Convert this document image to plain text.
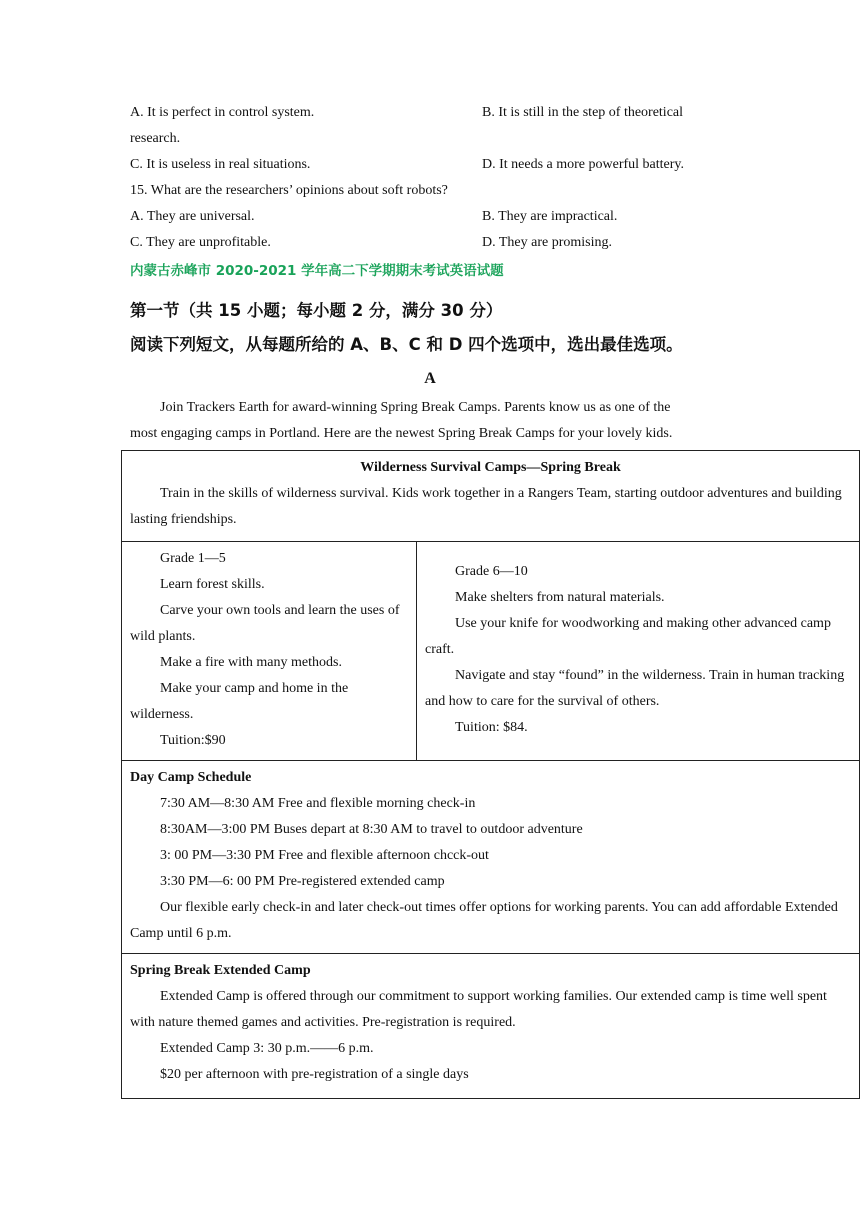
A. It is perfect in control system.	B. It is still in the step of theoretical
research.
C. It is useless in real situations.	D. It needs a more powerful battery.
15. What are the researchers’ opinions about soft robots?
A. They are universal.	B. They are impractical.
C. They are unprofitable.	D. They are promising.
内蒙古赤峰市 2020-2021 学年高二下学期期末考试英语试题
第一节（共 15 小题；每小题 2 分，满分 30 分）
阅读下列短文，从每题所给的 A、B、C 和 D 四个选项中，选出最佳选项。
A
Join Trackers Earth for award-winning Spring Break Camps. Parents know us as one of the
most engaging camps in Portland. Here are the newest Spring Break Camps for your lovely kids.
Wilderness Survival Camps—Spring Break
Train in the skills of wilderness survival. Kids work together in a Rangers Team, starting outdoor adventures and building lasting friendships.

Grade 1—5
Learn forest skills.
Carve your own tools and learn the uses of wild plants.
Make a fire with many methods.
Make your camp and home in the wilderness.
Tuition:$90

Grade 6—10
Make shelters from natural materials.
Use your knife for woodworking and making other advanced camp craft.
Navigate and stay “found” in the wilderness. Train in human tracking and how to care for the survival of others.
Tuition: $84.

Day Camp Schedule
7:30 AM—8:30 AM Free and flexible morning check-in
8:30AM—3:00 PM Buses depart at 8:30 AM to travel to outdoor adventure
3: 00 PM—3:30 PM Free and flexible afternoon chcck-out
3:30 PM—6: 00 PM Pre-registered extended camp
Our flexible early check-in and later check-out times offer options for working parents. You can add affordable Extended Camp until 6 p.m.

Spring Break Extended Camp
Extended Camp is offered through our commitment to support working families. Our extended camp is time well spent with nature themed games and activities. Pre-registration is required.
Extended Camp 3: 30 p.m.——6 p.m.
$20 per afternoon with pre-registration of a single days
